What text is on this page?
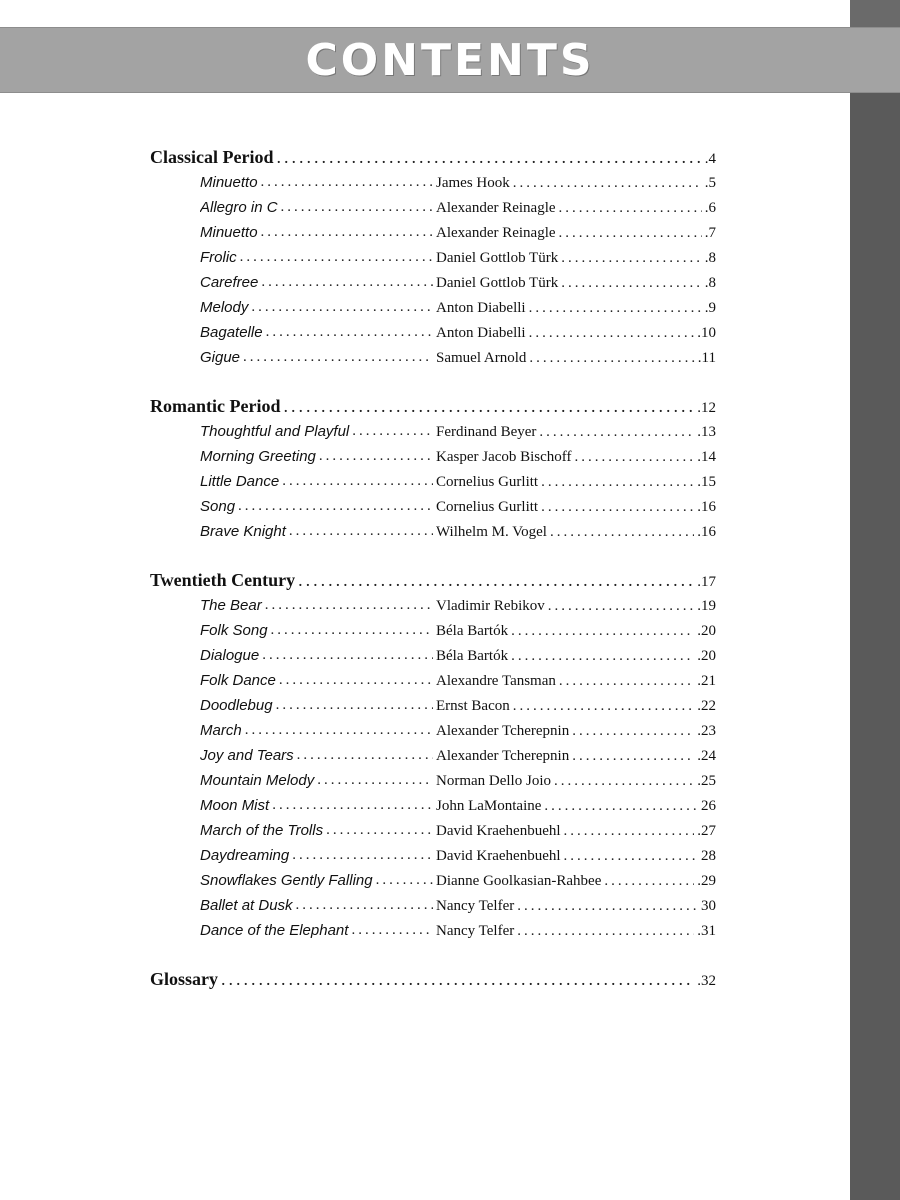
CONTENTS
Classical Period .....	.4
Minuetto .....	James Hook .....	.5
Allegro in C .....	Alexander Reinagle .....	.6
Minuetto .....	Alexander Reinagle .....	.7
Frolic .....	Daniel Gottlob Türk .....	.8
Carefree .....	Daniel Gottlob Türk .....	.8
Melody .....	Anton Diabelli .....	.9
Bagatelle .....	Anton Diabelli .....	.10
Gigue .....	Samuel Arnold .....	.11
Romantic Period .....	.12
Thoughtful and Playful .....	Ferdinand Beyer .....	.13
Morning Greeting .....	Kasper Jacob Bischoff .....	.14
Little Dance .....	Cornelius Gurlitt .....	.15
Song .....	Cornelius Gurlitt .....	.16
Brave Knight .....	Wilhelm M. Vogel .....	.16
Twentieth Century .....	.17
The Bear .....	Vladimir Rebikov .....	.19
Folk Song .....	Béla Bartók .....	.20
Dialogue .....	Béla Bartók .....	.20
Folk Dance .....	Alexandre Tansman .....	.21
Doodlebug .....	Ernst Bacon .....	.22
March .....	Alexander Tcherepnin .....	.23
Joy and Tears .....	Alexander Tcherepnin .....	.24
Mountain Melody .....	Norman Dello Joio .....	.25
Moon Mist .....	John LaMontaine .....	26
March of the Trolls .....	David Kraehenbuehl .....	.27
Daydreaming .....	David Kraehenbuehl .....	28
Snowflakes Gently Falling .....	Dianne Goolkasian-Rahbee .....	.29
Ballet at Dusk .....	Nancy Telfer .....	30
Dance of the Elephant .....	Nancy Telfer .....	.31
Glossary .....	.32
